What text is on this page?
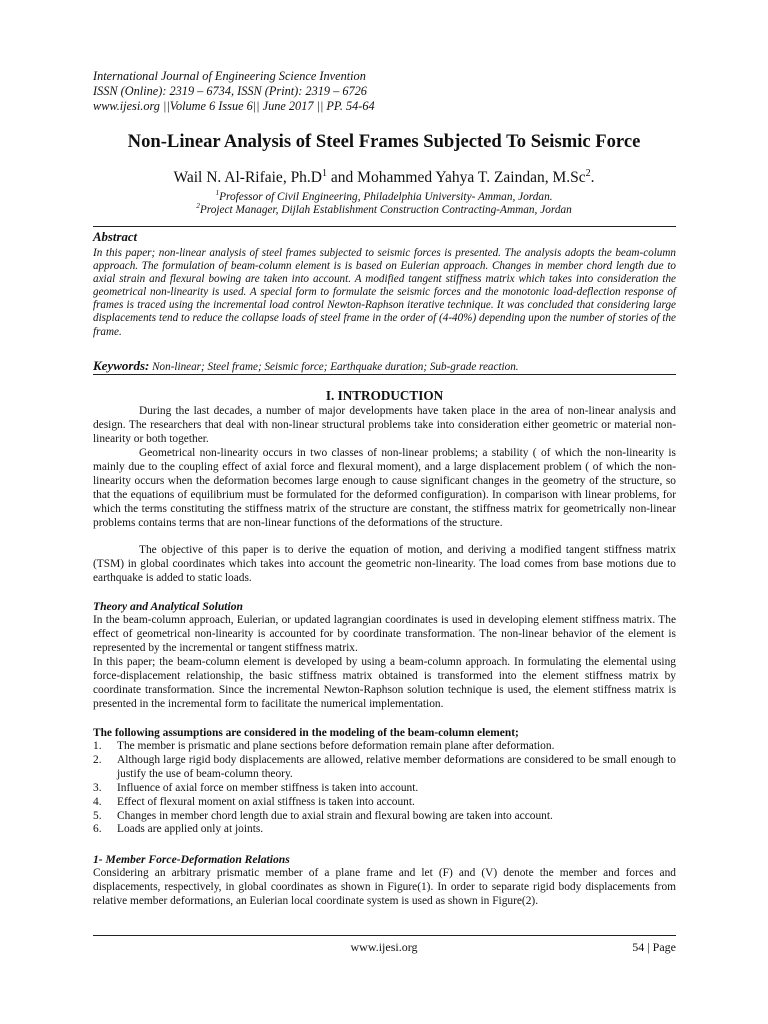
International Journal of Engineering Science Invention
ISSN (Online): 2319 – 6734, ISSN (Print): 2319 – 6726
www.ijesi.org ||Volume 6 Issue 6|| June 2017 || PP. 54-64
Non-Linear Analysis of Steel Frames Subjected To Seismic Force
Wail N. Al-Rifaie, $Ph.D^1$ and Mohammed Yahya T. Zaindan, M.Sc$^2$.
$^1$Professor of Civil Engineering, Philadelphia University- Amman, Jordan.
$^2$Project Manager, Dijlah Establishment Construction Contracting-Amman, Jordan
Abstract

In this paper; non-linear analysis of steel frames subjected to seismic forces is presented. The analysis adopts the beam-column approach. The formulation of beam-column element is is based on Eulerian approach. Changes in member chord length due to axial strain and flexural bowing are taken into account. A modified tangent stiffness matrix which takes into consideration the geometrical non-linearity is used. A special form to formulate the seismic forces and the monotonic load-deflection response of frames is traced using the incremental load control Newton-Raphson iterative technique. It was concluded that considering large displacements tend to reduce the collapse loads of steel frame in the order of (4-40%) depending upon the number of stories of the frame.

Keywords: Non-linear; Steel frame; Seismic force; Earthquake duration; Sub-grade reaction.
I. INTRODUCTION

During the last decades, a number of major developments have taken place in the area of non-linear analysis and design. The researchers that deal with non-linear structural problems take into consideration either geometric or material non-linearity or both together.

Geometrical non-linearity occurs in two classes of non-linear problems; a stability ( of which the non-linearity is mainly due to the coupling effect of axial force and flexural moment), and a large displacement problem ( of which the non-linearity occurs when the deformation becomes large enough to cause significant changes in the geometry of the structure, so that the equations of equilibrium must be formulated for the deformed configuration). In comparison with linear problems, for which the terms constituting the stiffness matrix of the structure are constant, the stiffness matrix for geometrically non-linear problems contains terms that are non-linear functions of the deformations of the structure.

The objective of this paper is to derive the equation of motion, and deriving a modified tangent stiffness matrix (TSM) in global coordinates which takes into account the geometric non-linearity. The load comes from base motions due to earthquake is added to static loads.

Theory and Analytical Solution

In the beam-column approach, Eulerian, or updated lagrangian coordinates is used in developing element stiffness matrix. The effect of geometrical non-linearity is accounted for by coordinate transformation. The non-linear behavior of the element is represented by the incremental or tangent stiffness matrix.

In this paper; the beam-column element is developed by using a beam-column approach. In formulating the elemental using force-displacement relationship, the basic stiffness matrix obtained is transformed into the element stiffness matrix by coordinate transformation. Since the incremental Newton-Raphson solution technique is used, the element stiffness matrix is presented in the incremental form to facilitate the numerical implementation.

The following assumptions are considered in the modeling of the beam-column element;
1. The member is prismatic and plane sections before deformation remain plane after deformation.
2. Although large rigid body displacements are allowed, relative member deformations are considered to be small enough to justify the use of beam-column theory.
3. Influence of axial force on member stiffness is taken into account.
4. Effect of flexural moment on axial stiffness is taken into account.
5. Changes in member chord length due to axial strain and flexural bowing are taken into account.
6. Loads are applied only at joints.
1- Member Force-Deformation Relations

Considering an arbitrary prismatic member of a plane frame and let (F) and (V) denote the member and forces and displacements, respectively, in global coordinates as shown in Figure(1). In order to separate rigid body displacements from relative member deformations, an Eulerian local coordinate system is used as shown in Figure(2).

www.ijesi.org	54 | Page
